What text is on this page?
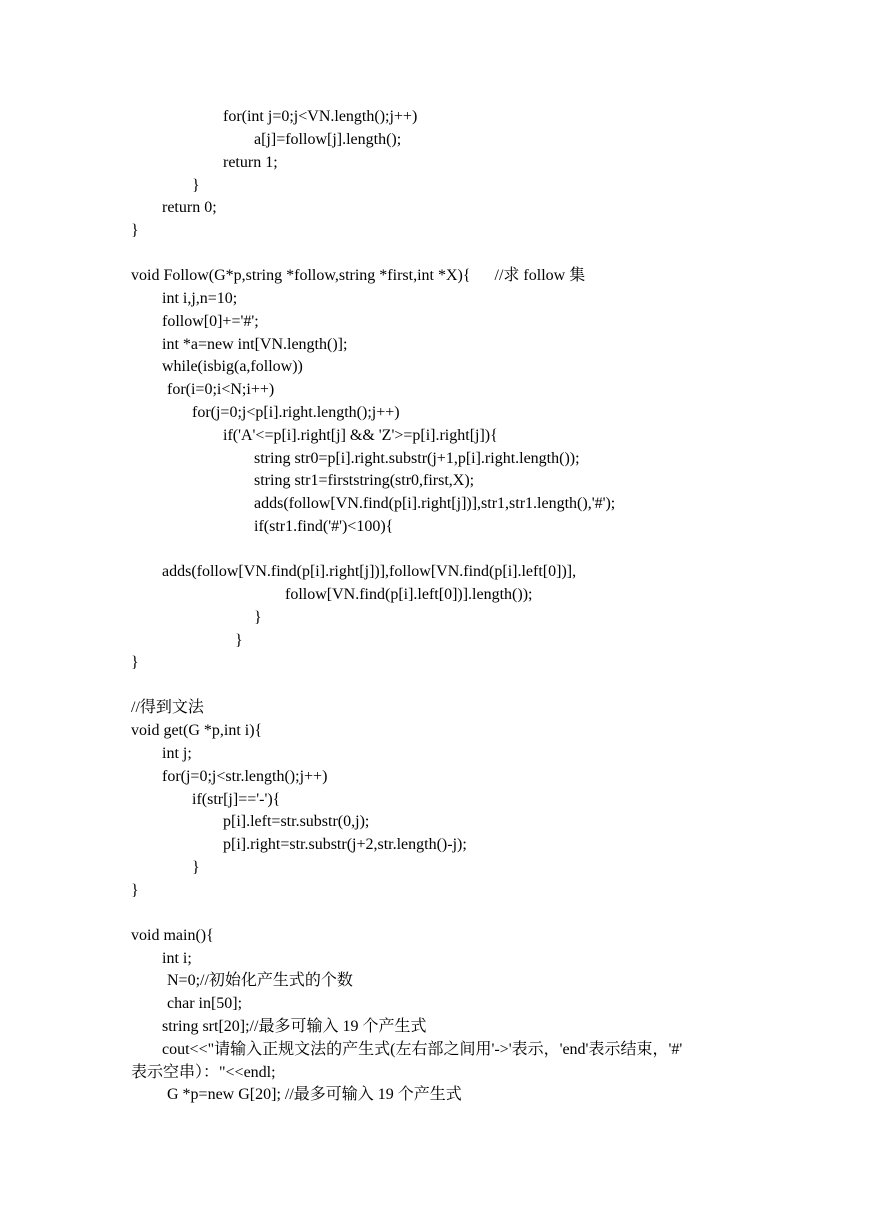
for(int j=0;j<VN.length();j++)
a[j]=follow[j].length();
return 1;
}
return 0;
}
void Follow(G*p,string *follow,string *first,int *X){      //求 follow 集
int i,j,n=10;
follow[0]+='#';
int *a=new int[VN.length()];
while(isbig(a,follow))
for(i=0;i<N;i++)
for(j=0;j<p[i].right.length();j++)
if('A'<=p[i].right[j] && 'Z'>=p[i].right[j]){
string str0=p[i].right.substr(j+1,p[i].right.length());
string str1=firststring(str0,first,X);
adds(follow[VN.find(p[i].right[j])],str1,str1.length(),'#');
if(str1.find('#')<100){
adds(follow[VN.find(p[i].right[j])],follow[VN.find(p[i].left[0])],
follow[VN.find(p[i].left[0])].length());
}
}
}
//得到文法
void get(G *p,int i){
int j;
for(j=0;j<str.length();j++)
if(str[j]=='-'){
p[i].left=str.substr(0,j);
p[i].right=str.substr(j+2,str.length()-j);
}
}
void main(){
int i;
N=0;//初始化产生式的个数
char in[50];
string srt[20];//最多可输入 19 个产生式
cout<<"请输入正规文法的产生式(左右部之间用'->'表示，'end'表示结束，'#'
表示空串）："<<endl;
G *p=new G[20]; //最多可输入 19 个产生式
